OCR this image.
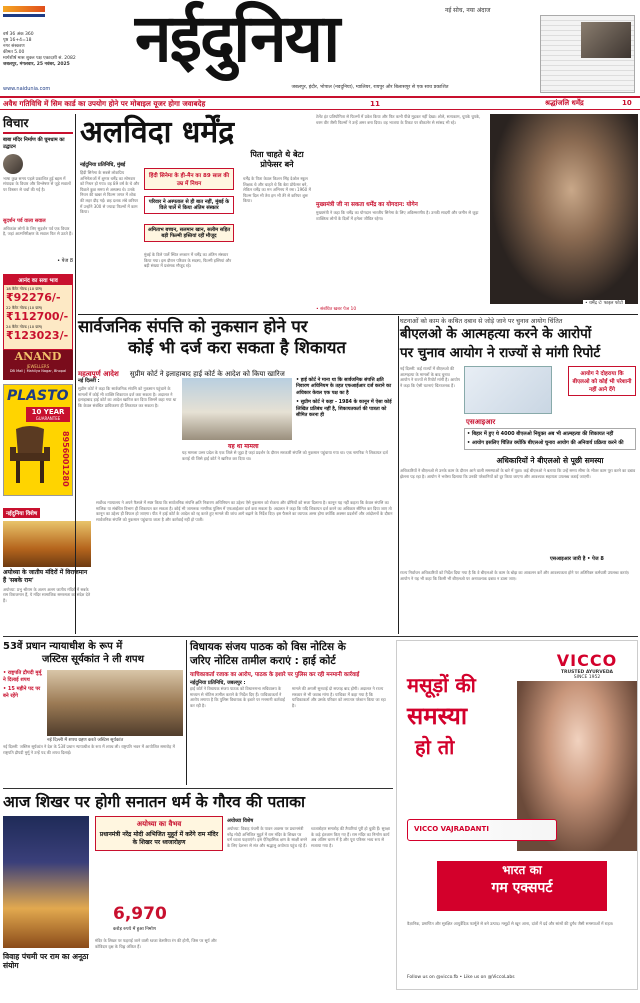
वर्ष 36 अंक 360
पृष्ठ 16+4=18
नगर संस्करण
कीमत 5.00
मार्गशीर्ष मास शुक्ल पक्ष एकादशी सं. 2082
जबलपुर, मंगलवार, 25 नवंबर, 2025 नईदुनिया	नई सोच, नया अंदाज
जबलपुर, इंदौर, भोपाल (नवदुनिया), ग्वालियर, रायपुर और बिलासपुर से एक साथ प्रकाशित
www.naidunia.com
अवैध गतिविधि में सिम कार्ड का उपयोग होने पर मोबाइल यूजर होगा जवाबदेह	11	श्रद्धांजलि धर्मेंद्र	10
विचार
बाबा मंदिर निर्माण की घूमधाम का उद्घाटन
भाषा कुछ समय पहले प्रकाशित हुई बहस में संपादक के विचार और विश्लेषण से जुड़े सवालों पर विस्तार से चर्चा की गई है।
सुदर्शन पर्व वाला सवाल
अधिकांश लोगों के लिए सुदर्शन पर्व एक विचार है, जहां आत्मनिरीक्षण के सवाल फिर से उठते हैं।
• पेज 8
आनंद का सवा भाव
18 कैरेट गोल्ड (10 ग्राम)
₹92276/-
22 कैरेट गोल्ड (10 ग्राम)
₹112700/-
24 कैरेट गोल्ड (10 ग्राम)
₹123023/-
ANAND
JEWELLERS
DB Mall | Mahilya Nagar, Bhopal
PLASTO
10 YEAR
GUARANTEE
8956001280
नईदुनिया विशेष
अयोध्या के जातीय मंदिरों में विराजमान हैं 'सबके राम'
अयोध्या: प्रभु श्रीराम के अलग अलग जातीय मंदिरों में सबके राम विराजमान हैं, ये मंदिर सामाजिक समरसता का संदेश देते हैं।
अलविदा धर्मेंद्र
नईदुनिया प्रतिनिधि, मुंबई
हिंदी सिनेमा के सबसे लोकप्रिय अभिनेताओं में शुमार धर्मेंद्र का सोमवार को निधन हो गया। वह 89 वर्ष के थे और पिछले कुछ समय से अस्वस्थ थे। उनके निधन की खबर से फिल्म जगत में शोक की लहर दौड़ गई। छह दशक लंबे करियर में उन्होंने 300 से ज्यादा फिल्मों में काम किया।
हिंदी सिनेमा के ही-मैन का 89 साल की उम्र में निधन
परिवार ने अस्पताल से ही बात नहीं, मुंबई के विले पार्ले में किया अंतिम संस्कार
अमिताभ बच्चन, सलमान खान, सलीम सहित बड़ी फिल्मी हस्तियां रहीं मौजूद
मुंबई के विले पार्ले स्थित श्मशान में धर्मेंद्र का अंतिम संस्कार किया गया। इस दौरान परिवार के सदस्य, फिल्मी हस्तियां और बड़ी संख्या में प्रशंसक मौजूद रहे।
पिता चाहते थे बेटा प्रोफेसर बने
धर्मेंद्र के पिता केवल किशन सिंह देओल स्कूल शिक्षक थे और चाहते थे कि बेटा प्रोफेसर बने, लेकिन धर्मेंद्र का मन अभिनय में रमा। 1960 में फिल्म दिल भी तेरा हम भी तेरे से करियर शुरू किया।
मुख्यमंत्री जी ना सकता धर्मेंद्र का योगदान: योगेन
टेलेंट हंट प्रतियोगिता से फिल्मों में प्रवेश किया और फिर कभी पीछे मुड़कर नहीं देखा। शोले, सत्यकाम, चुपके चुपके, धरम वीर जैसी फिल्मों ने उन्हें अमर बना दिया। वह भाजपा के टिकट पर बीकानेर से सांसद भी रहे।
मुख्यमंत्री ने कहा कि धर्मेंद्र का योगदान भारतीय सिनेमा के लिए अविस्मरणीय है। उनकी सादगी और जमीन से जुड़ा व्यक्तित्व लोगों के दिलों में हमेशा जीवित रहेगा।
• धर्मेंद्र ✆ फाइल फोटो
• संबंधित खबर पेज 10
सार्वजनिक संपत्ति को नुकसान होने पर
कोई भी दर्ज करा सकता है शिकायत
महत्वपूर्ण आदेश सुप्रीम कोर्ट ने इलाहाबाद हाई कोर्ट के आदेश को किया खारिज
नई दिल्ली :
सुप्रीम कोर्ट ने कहा कि सार्वजनिक संपत्ति को नुकसान पहुंचाने के मामलों में कोई भी व्यक्ति शिकायत दर्ज करा सकता है। अदालत ने इलाहाबाद हाई कोर्ट का आदेश खारिज कर दिया जिसमें कहा गया था कि केवल संबंधित प्राधिकरण ही शिकायत कर सकता है।
• हाई कोर्ट ने माना था कि सार्वजनिक संपत्ति क्षति निवारण अधिनियम के तहत एफआईआर दर्ज कराने का अधिकार केवल एक पक्ष का है
• सुप्रीम कोर्ट ने कहा - 1984 के कानून में ऐसा कोई लिखित प्रतिबंध नहीं है, शिकायतकर्ता की पात्रता को सीमित करना ही
यह था मामला
यह मामला उत्तर प्रदेश के एक जिले से जुड़ा है जहां प्रदर्शन के दौरान सरकारी संपत्ति को नुकसान पहुंचाया गया था। एक नागरिक ने शिकायत दर्ज कराई थी जिसे हाई कोर्ट ने खारिज कर दिया था।
घटनाओं को काम के कथित दबाव से जोड़े जाने पर चुनाव आयोग चिंतित
बीएलओ के आत्महत्या करने के आरोपों
पर चुनाव आयोग ने राज्यों से मांगी रिपोर्ट
नई दिल्ली: कई राज्यों में बीएलओ की आत्महत्या के मामलों के बाद चुनाव आयोग ने राज्यों से रिपोर्ट मांगी है। आयोग ने कहा कि ऐसी घटनाएं चिंताजनक हैं।
आयोग ने दोहराया कि बीएलओ को कोई भी परेशानी नहीं आने देंगे
एसआइआर
• बिहार में हुए थे 4000 बीएलओ नियुक्त अब भी आत्महत्या की शिकायत नहीं
• आयोग इसलिए चिंतित क्योंकि बीएलओ चुनाव आयोग की अनिवार्य प्रक्रिया करने की
अधिकारियों ने बीएलओ से पूछी समस्या
अधिकारियों ने बीएलओ से उनके काम के दौरान आने वाली समस्याओं के बारे में पूछा। कई बीएलओ ने बताया कि उन्हें समय सीमा के भीतर काम पूरा करने का दबाव झेलना पड़ रहा है। आयोग ने भरोसा दिलाया कि उनकी परेशानियों को दूर किया जाएगा और आवश्यक सहायता उपलब्ध कराई जाएगी।
एसआइआर जारी है • पेज 8
53वें प्रधान न्यायाधीश के रूप में
जस्टिस सूर्यकांत ने ली शपथ
• राष्ट्रपति द्रौपदी मुर्मू ने दिलाई शपथ
• 15 महीने पद पर बने रहेंगे
नई दिल्ली में शपथ ग्रहण करते जस्टिस सूर्यकांत
नई दिल्ली: जस्टिस सूर्यकांत ने देश के 53वें प्रधान न्यायाधीश के रूप में शपथ ली। राष्ट्रपति भवन में आयोजित समारोह में राष्ट्रपति द्रौपदी मुर्मू ने उन्हें पद की शपथ दिलाई।
विधायक संजय पाठक को विस नोटिस के
जरिए नोटिस तामील कराएं : हाई कोर्ट
याचिकाकर्ता रजाक का आरोप, पाठक के इशारे पर पुलिस कर रही मनमानी कार्रवाई
नईदुनिया प्रतिनिधि, जबलपुर :
हाई कोर्ट ने विधायक संजय पाठक को विधानसभा सचिवालय के माध्यम से नोटिस तामील कराने के निर्देश दिए हैं। याचिकाकर्ता ने आरोप लगाया है कि पुलिस विधायक के इशारे पर मनमानी कार्रवाई कर रही है।
मामले की अगली सुनवाई दो सप्ताह बाद होगी। अदालत ने राज्य सरकार से भी जवाब मांगा है। याचिका में कहा गया है कि याचिकाकर्ता और उसके परिवार को लगातार परेशान किया जा रहा है।
VICCO
TRUSTED AYURVEDA
SINCE 1952
मसूड़ों की
समस्या
हो तो
VICCO VAJRADANTI
भारत का
गम एक्सपर्ट
वैज्ञानिक, प्रमाणित और सुरक्षित आयुर्वेदिक फार्मूले से बने उत्पाद। मसूड़ों से खून आना, दांतों में दर्द और सांसों की दुर्गंध जैसी समस्याओं में राहत।
Follow us on @vicco.fb • Like us on @ViccoLabs
आज शिखर पर होगी सनातन धर्म के गौरव की पताका
विवाह पंचमी पर राम का अनूठा संयोग
अयोध्या का वैभव
प्रधानमंत्री नरेंद्र मोदी अभिजित मुहूर्त में करेंगे राम मंदिर के शिखर पर ध्वजारोहण
6,970
करोड़ रुपये में हुआ निर्माण
अयोध्या विशेष
अयोध्या: विवाह पंचमी के पावन अवसर पर प्रधानमंत्री नरेंद्र मोदी अभिजित मुहूर्त में राम मंदिर के शिखर पर धर्म ध्वजा फहराएंगे। इस ऐतिहासिक क्षण के साक्षी बनने के लिए देशभर से संत और श्रद्धालु अयोध्या पहुंच रहे हैं।
ध्वजारोहण समारोह की तैयारियां पूरी हो चुकी हैं। सुरक्षा के कड़े इंतजाम किए गए हैं। राम मंदिर का निर्माण कार्य अब अंतिम चरण में है और पूरा परिसर भव्य रूप से सजाया गया है।
मंदिर के शिखर पर फहराई जाने वाली ध्वजा केसरिया रंग की होगी, जिस पर सूर्य और कोविदार वृक्ष के चिह्न अंकित हैं।
सर्वोच्च न्यायालय ने अपने फैसले में स्पष्ट किया कि सार्वजनिक संपत्ति क्षति निवारण अधिनियम का उद्देश्य ऐसे नुकसान को रोकना और दोषियों को सजा दिलाना है। कानून यह नहीं कहता कि केवल संपत्ति का मालिक या संबंधित विभाग ही शिकायत कर सकता है। कोई भी जागरूक नागरिक पुलिस में एफआईआर दर्ज करा सकता है। अदालत ने कहा कि यदि शिकायत दर्ज करने का अधिकार सीमित कर दिया जाए तो कानून का उद्देश्य ही विफल हो जाएगा। पीठ ने हाई कोर्ट के आदेश को रद्द करते हुए मामले की जांच आगे बढ़ाने के निर्देश दिए। इस फैसले का व्यापक असर होगा क्योंकि अक्सर प्रदर्शनों और आंदोलनों के दौरान सार्वजनिक संपत्ति को नुकसान पहुंचाया जाता है और कार्रवाई नहीं हो पाती।
राज्य निर्वाचन अधिकारियों को निर्देश दिया गया है कि वे बीएलओ के काम के बोझ का आकलन करें और आवश्यकता होने पर अतिरिक्त कर्मचारी उपलब्ध कराएं। आयोग ने यह भी कहा कि किसी भी बीएलओ पर अनावश्यक दबाव न डाला जाए।
